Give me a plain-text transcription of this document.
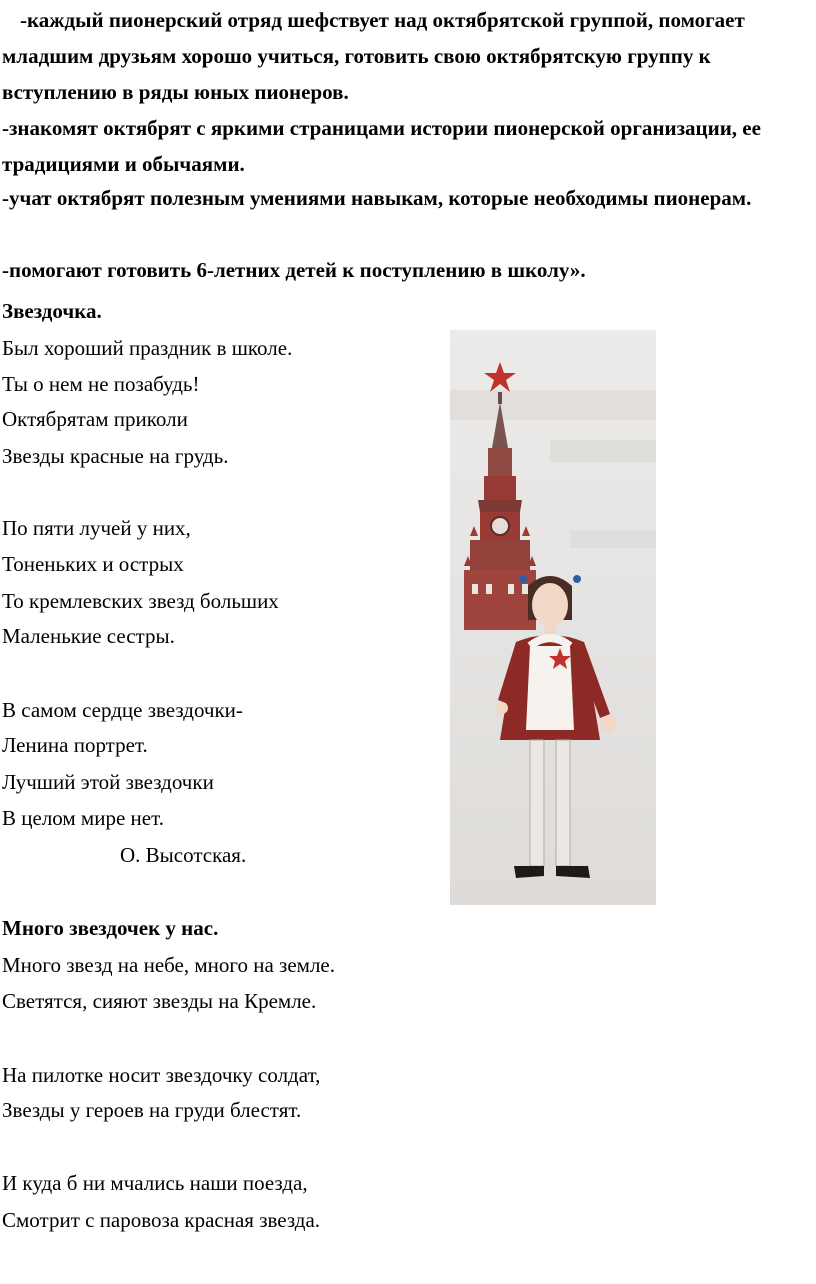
-каждый пионерский отряд шефствует над октябрятской группой, помогает младшим друзьям хорошо учиться, готовить свою октябрятскую группу к вступлению в ряды юных пионеров.

-знакомят октябрят с яркими страницами истории пионерской организации, ее традициями и обычаями.

-учат октябрят полезным умениями навыкам, которые необходимы пионерам.

-помогают готовить 6-летних детей к поступлению в школу».

Звездочка.
Был хороший праздник в школе.
Ты о нем не позабудь!
Октябрятам приколи
Звезды красные на грудь.
По пяти лучей у них,
Тоненьких и острых
То кремлевских звезд больших
Маленькие сестры.
В самом сердце звездочки-
Ленина портрет.
Лучший этой звездочки
В целом мире нет.
О. Высотская.
Много звездочек у нас.
Много звезд на небе, много на земле.
Светятся, сияют звезды на Кремле.
На пилотке носит звездочку солдат,
Звезды у героев на груди блестят.
И куда б ни мчались наши поезда,
Смотрит с паровоза красная звезда.
